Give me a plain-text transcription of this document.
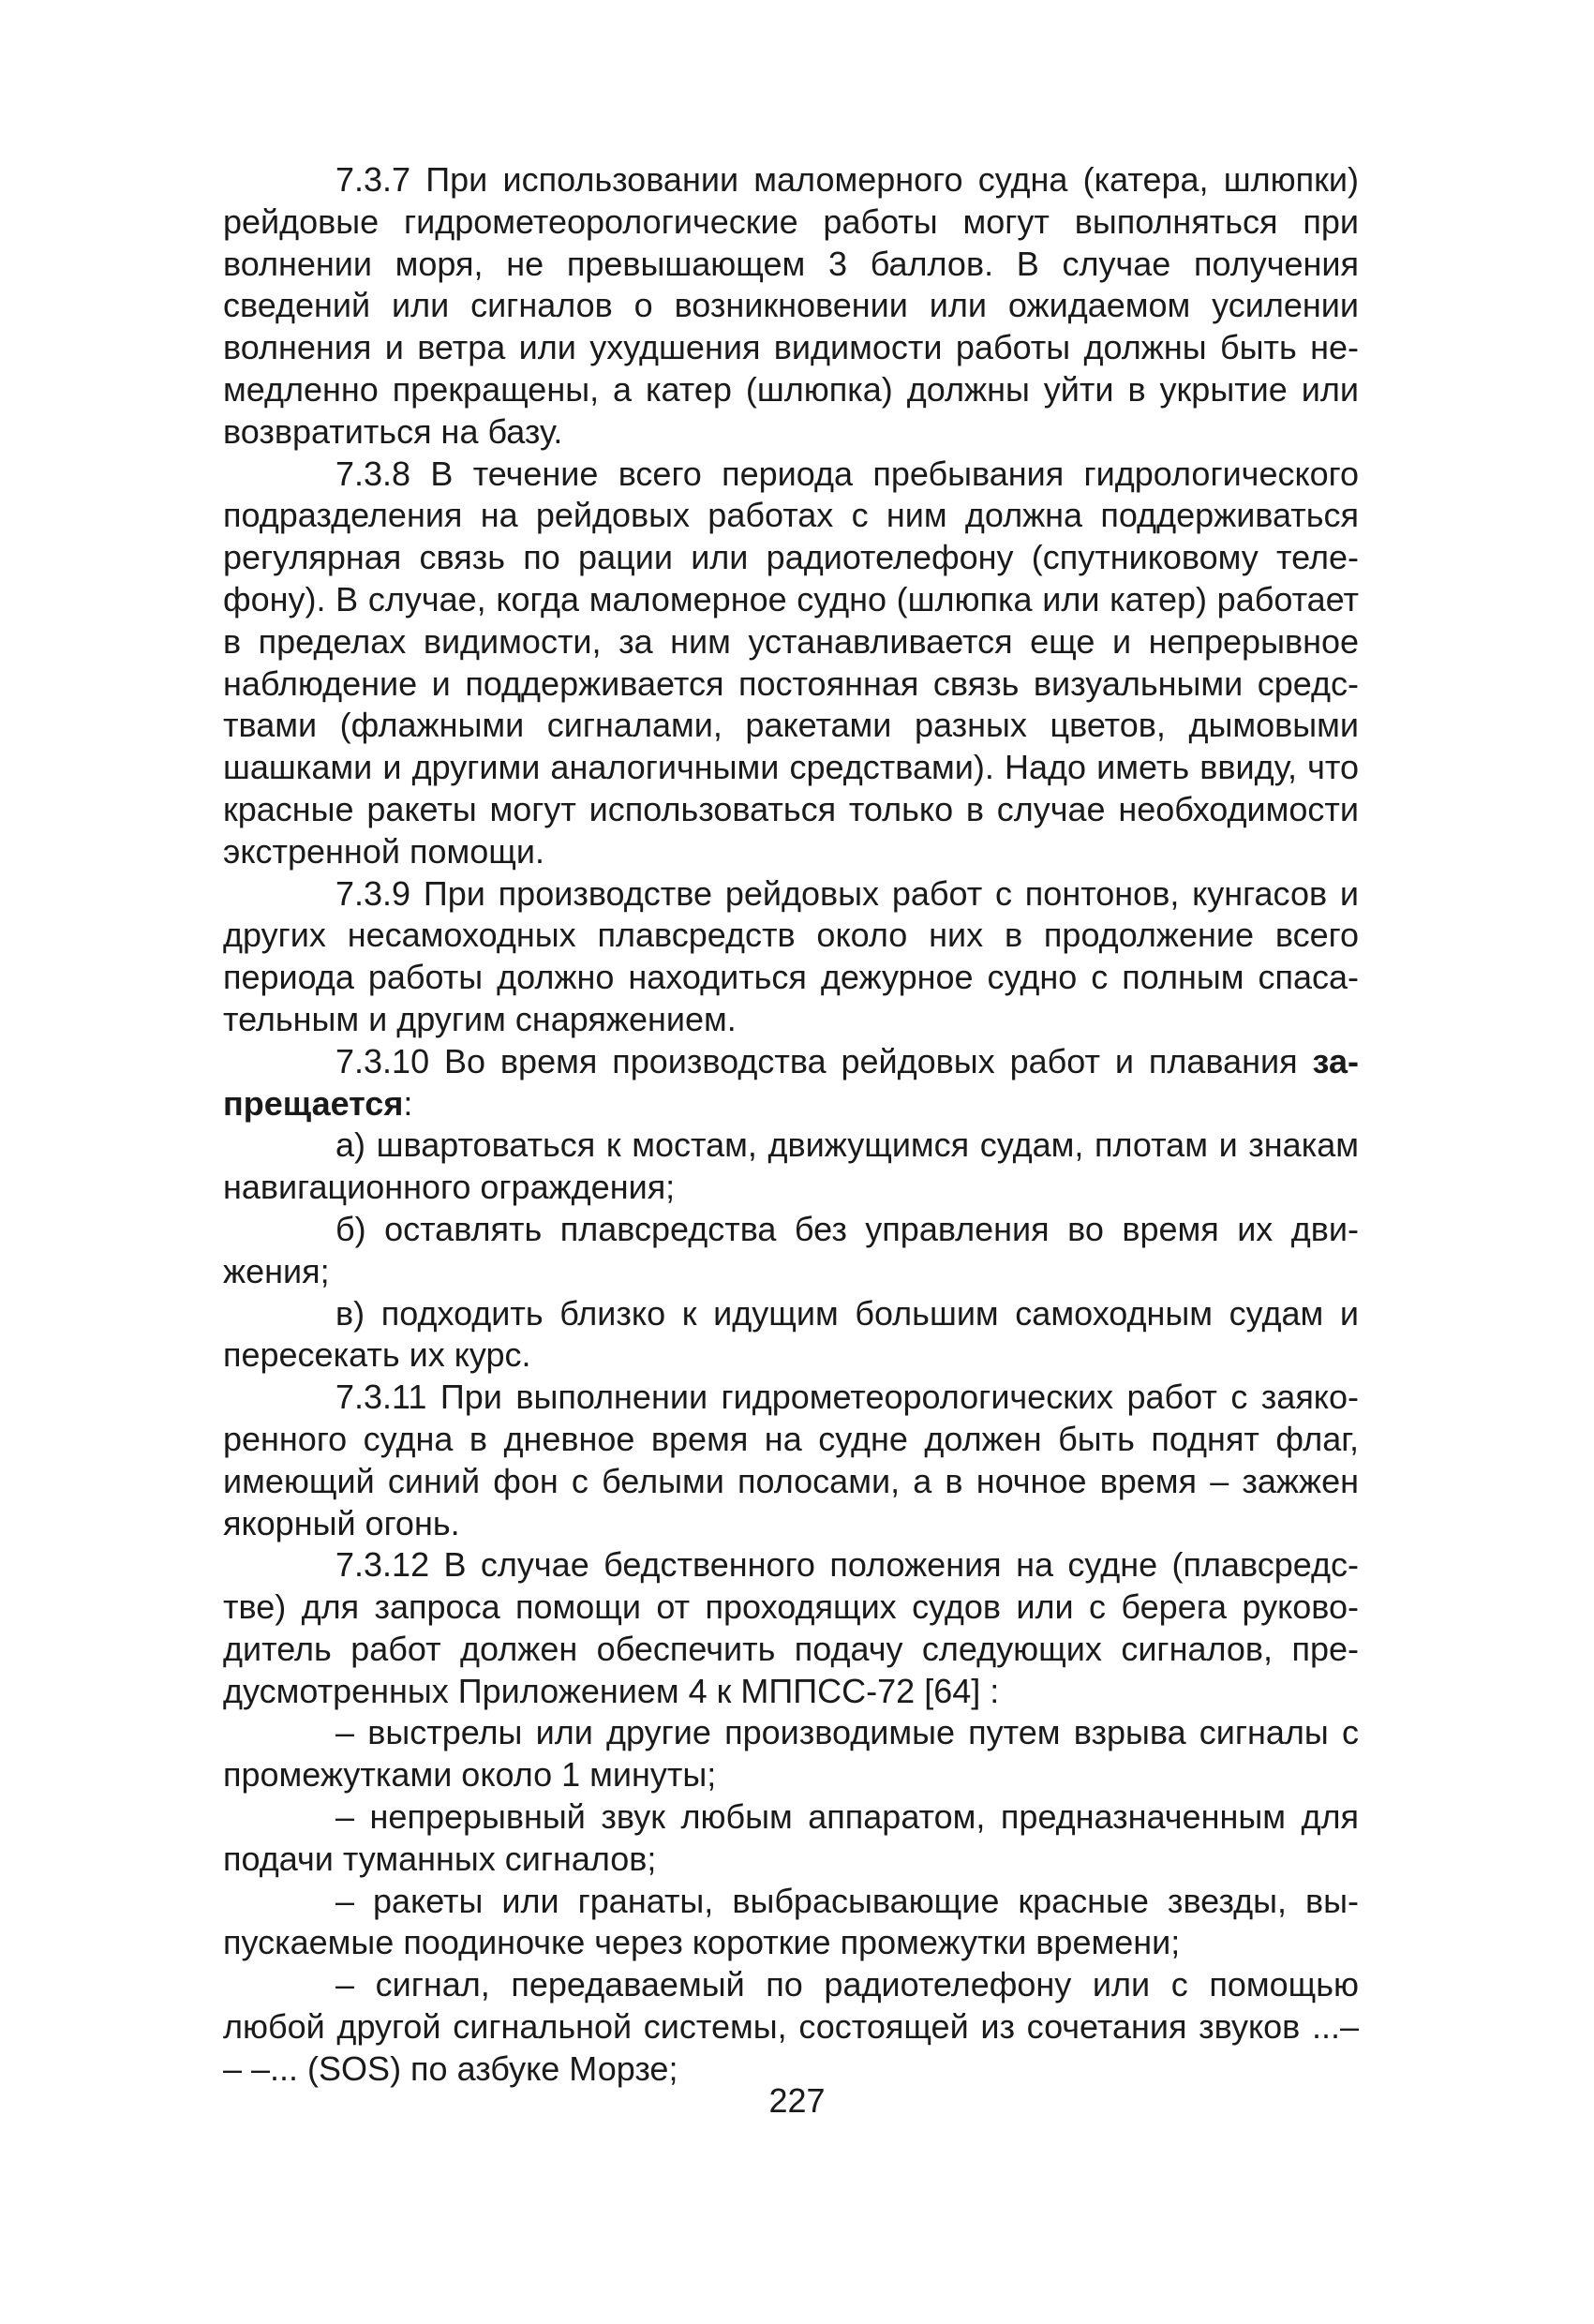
7.3.7 При использовании маломерного судна (катера, шлюпки) рейдовые гидрометеорологические работы могут выполняться при волнении моря, не превышающем 3 баллов. В случае получения сведений или сигналов о возникновении или ожидаемом усилении волнения и ветра или ухудшения видимости работы должны быть немедленно прекращены, а катер (шлюпка) должны уйти в укрытие или возвратиться на базу.

7.3.8 В течение всего периода пребывания гидрологического подразделения на рейдовых работах с ним должна поддерживаться регулярная связь по рации или радиотелефону (спутниковому телефону). В случае, когда маломерное судно (шлюпка или катер) работает в пределах видимости, за ним устанавливается еще и непрерывное наблюдение и поддерживается постоянная связь визуальными средствами (флажными сигналами, ракетами разных цветов, дымовыми шашками и другими аналогичными средствами). Надо иметь ввиду, что красные ракеты могут использоваться только в случае необходимости экстренной помощи.

7.3.9 При производстве рейдовых работ с понтонов, кунгасов и других несамоходных плавсредств около них в продолжение всего периода работы должно находиться дежурное судно с полным спасательным и другим снаряжением.

7.3.10 Во время производства рейдовых работ и плавания запрещается:

а) швартоваться к мостам, движущимся судам, плотам и знакам навигационного ограждения;

б) оставлять плавсредства без управления во время их движения;

в) подходить близко к идущим большим самоходным судам и пересекать их курс.

7.3.11 При выполнении гидрометеорологических работ с заякоренного судна в дневное время на судне должен быть поднят флаг, имеющий синий фон с белыми полосами, а в ночное время – зажжен якорный огонь.

7.3.12 В случае бедственного положения на судне (плавсредстве) для запроса помощи от проходящих судов или с берега руководитель работ должен обеспечить подачу следующих сигналов, предусмотренных Приложением 4 к МППСС-72 [64] :

– выстрелы или другие производимые путем взрыва сигналы с промежутками около 1 минуты;

– непрерывный звук любым аппаратом, предназначенным для подачи туманных сигналов;

– ракеты или гранаты, выбрасывающие красные звезды, выпускаемые поодиночке через короткие промежутки времени;

– сигнал, передаваемый по радиотелефону или с помощью любой другой сигнальной системы, состоящей из сочетания звуков ...– – –... (SOS) по азбуке Морзе;

227
